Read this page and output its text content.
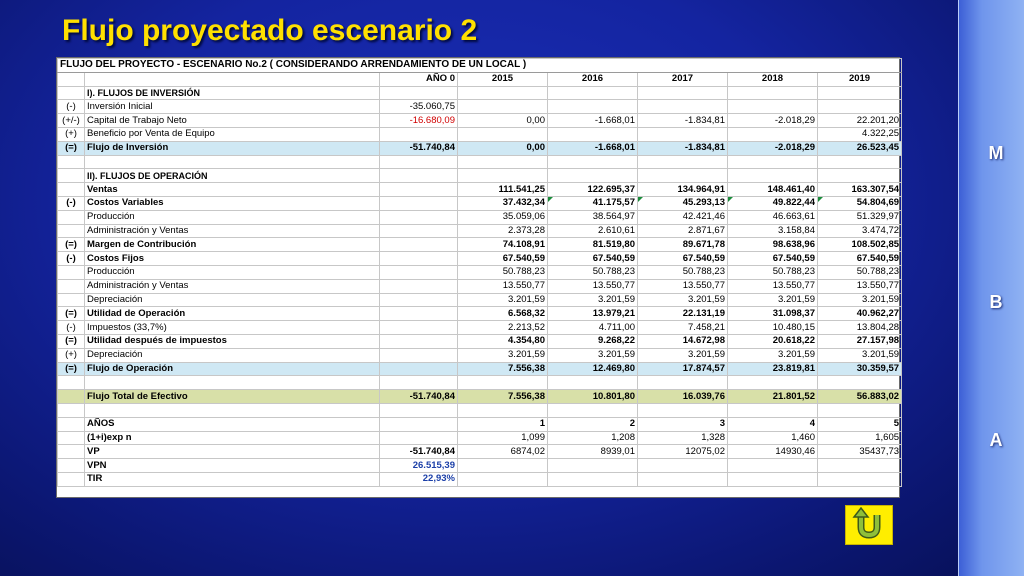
M
B
A
Flujo proyectado escenario 2
FLUJO DEL PROYECTO - ESCENARIO No.2 ( CONSIDERANDO ARRENDAMIENTO DE UN LOCAL )							
		AÑO 0	2015	2016	2017	2018	2019
	I). FLUJOS DE INVERSIÓN						
(-)	Inversión Inicial	-35.060,75					
(+/-)	Capital de Trabajo Neto	-16.680,09	0,00	-1.668,01	-1.834,81	-2.018,29	22.201,20
(+)	Beneficio por Venta de Equipo						4.322,25
(=)	Flujo de Inversión	-51.740,84	0,00	-1.668,01	-1.834,81	-2.018,29	26.523,45

	II). FLUJOS DE OPERACIÓN						
	Ventas		111.541,25	122.695,37	134.964,91	148.461,40	163.307,54
(-)	Costos Variables		37.432,34	41.175,57	45.293,13	49.822,44	54.804,69
	Producción		35.059,06	38.564,97	42.421,46	46.663,61	51.329,97
	Administración y Ventas		2.373,28	2.610,61	2.871,67	3.158,84	3.474,72
(=)	Margen de Contribución		74.108,91	81.519,80	89.671,78	98.638,96	108.502,85
(-)	Costos Fijos		67.540,59	67.540,59	67.540,59	67.540,59	67.540,59
	Producción		50.788,23	50.788,23	50.788,23	50.788,23	50.788,23
	Administración y Ventas		13.550,77	13.550,77	13.550,77	13.550,77	13.550,77
	Depreciación		3.201,59	3.201,59	3.201,59	3.201,59	3.201,59
(=)	Utilidad de Operación		6.568,32	13.979,21	22.131,19	31.098,37	40.962,27
(-)	Impuestos (33,7%)		2.213,52	4.711,00	7.458,21	10.480,15	13.804,28
(=)	Utilidad después de impuestos		4.354,80	9.268,22	14.672,98	20.618,22	27.157,98
(+)	Depreciación		3.201,59	3.201,59	3.201,59	3.201,59	3.201,59
(=)	Flujo de Operación		7.556,38	12.469,80	17.874,57	23.819,81	30.359,57

	Flujo Total de Efectivo	-51.740,84	7.556,38	10.801,80	16.039,76	21.801,52	56.883,02

	AÑOS		1	2	3	4	5
	(1+i)exp n		1,099	1,208	1,328	1,460	1,605
	VP	-51.740,84	6874,02	8939,01	12075,02	14930,46	35437,73
	VPN	26.515,39					
	TIR	22,93%					
